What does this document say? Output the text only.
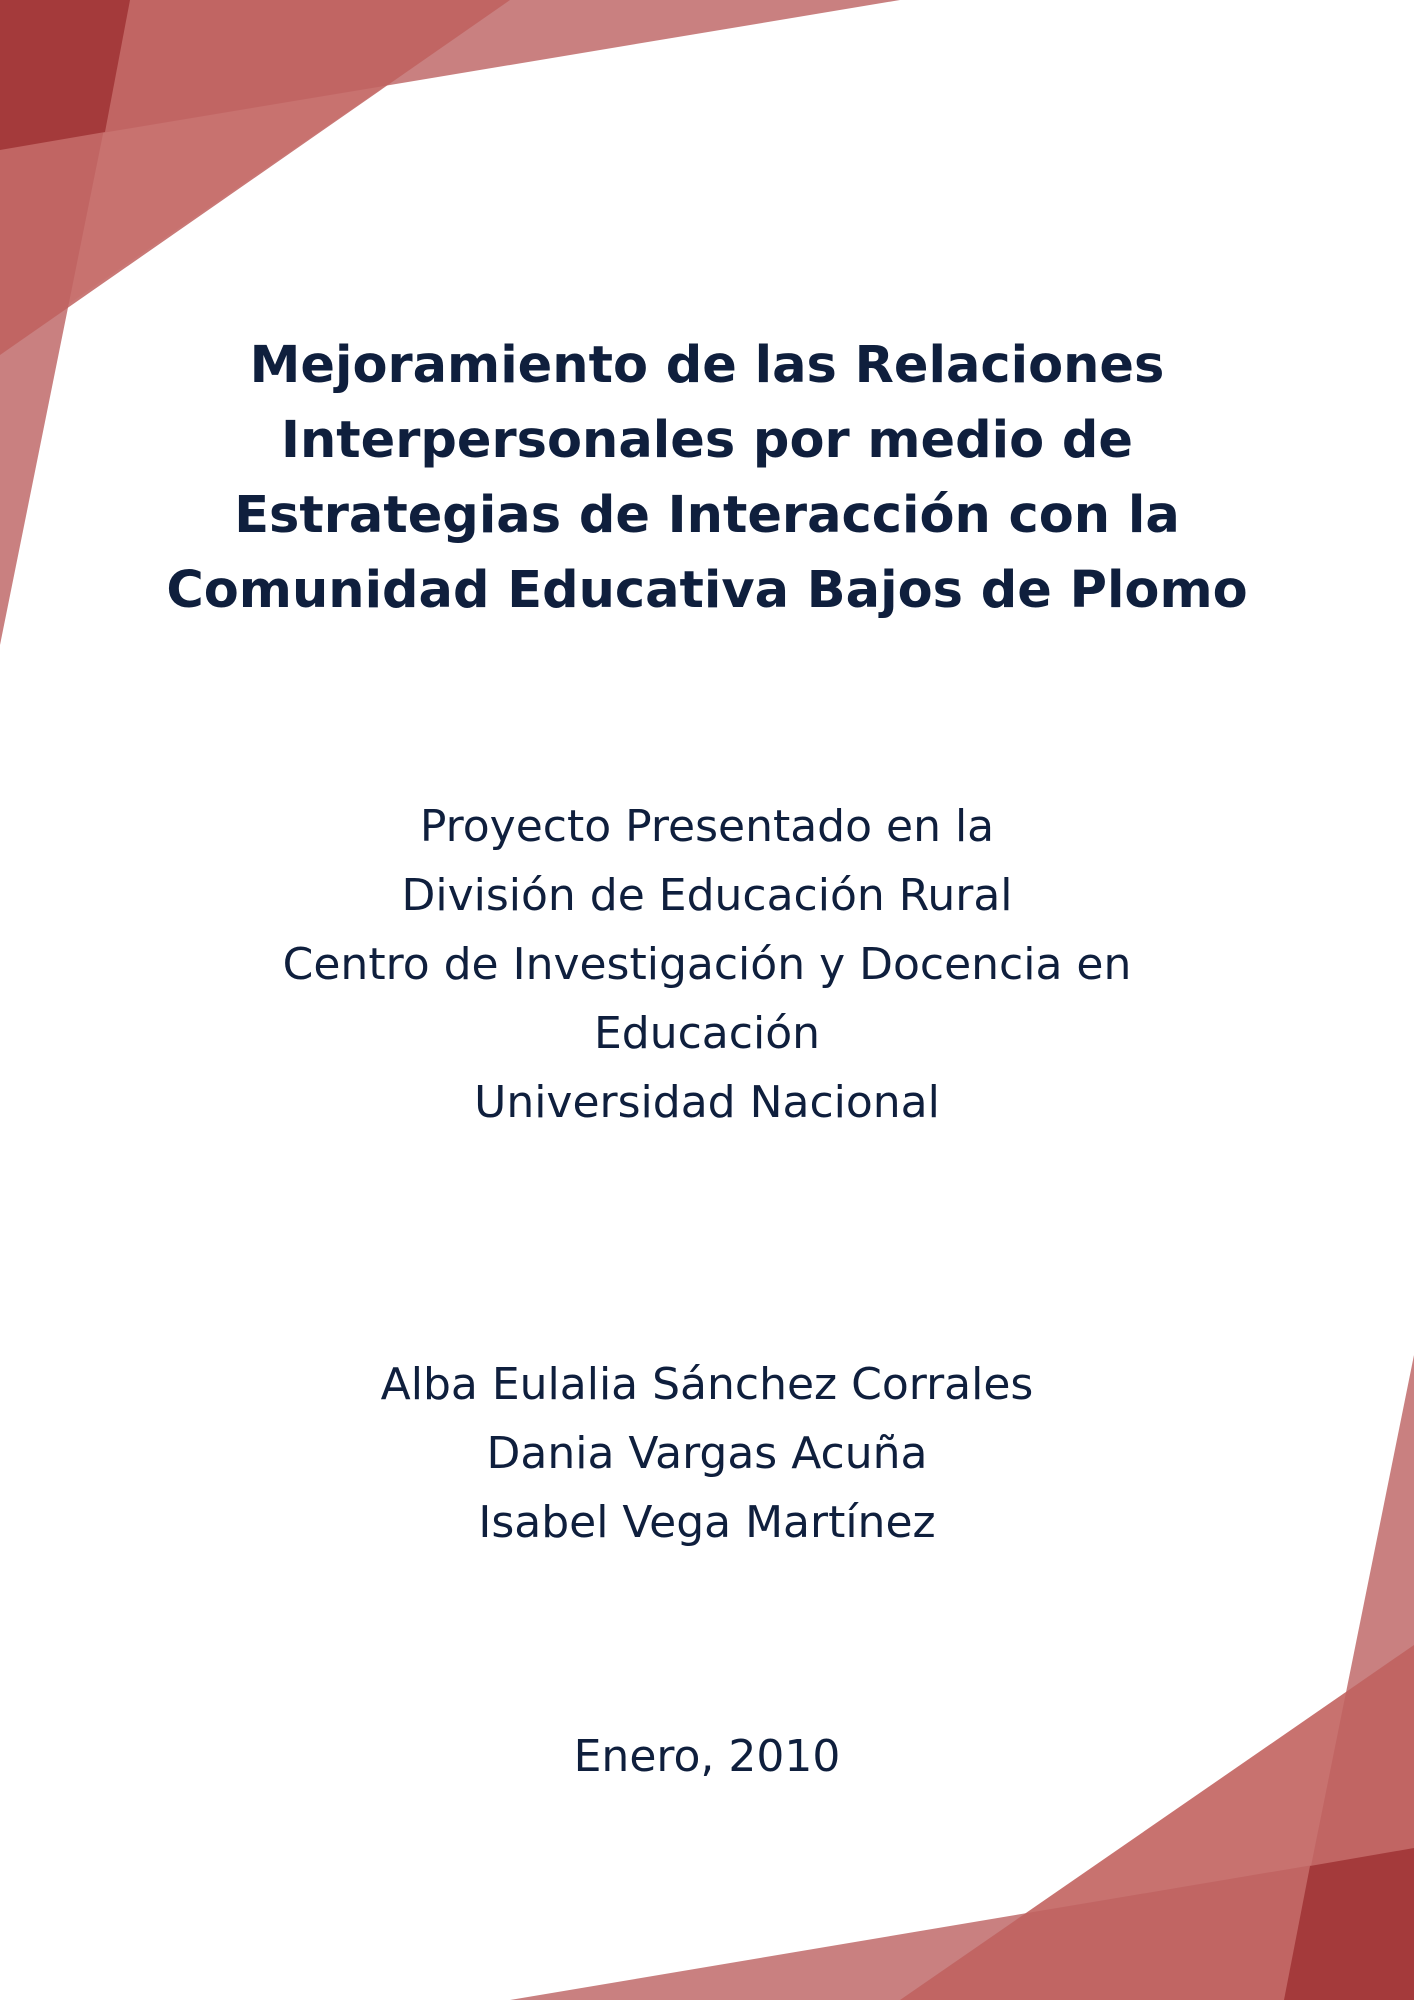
Mejoramiento de las Relaciones
Interpersonales por medio de
Estrategias de Interacción con la
Comunidad Educativa Bajos de Plomo
Proyecto Presentado en la
División de Educación Rural
Centro de Investigación y Docencia en
Educación
Universidad Nacional
Alba Eulalia Sánchez Corrales
Dania Vargas Acuña
Isabel Vega Martínez
Enero, 2010
